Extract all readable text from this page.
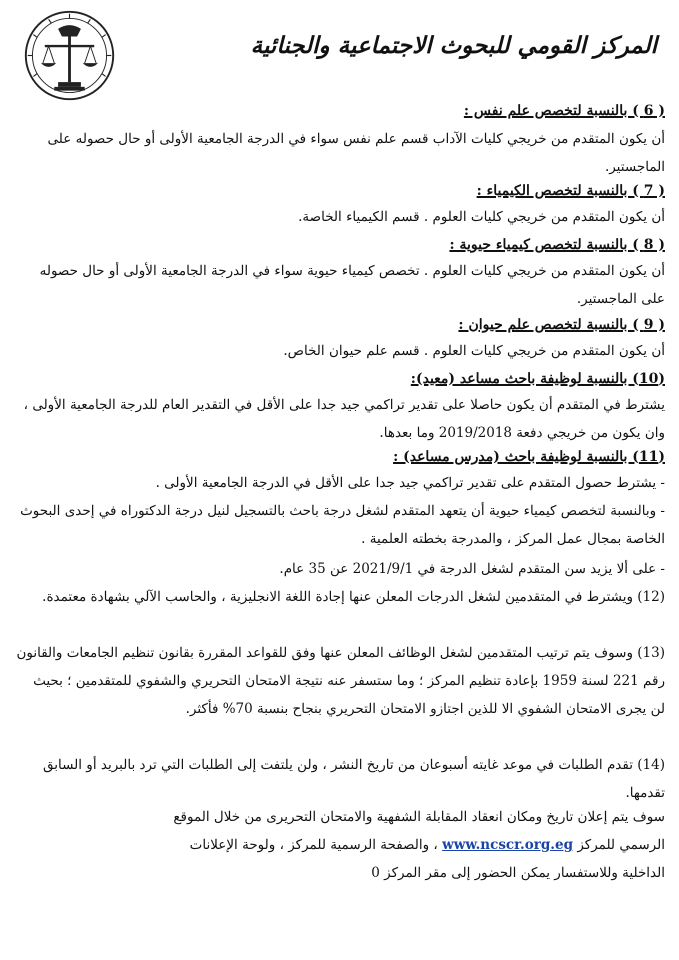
المركز القومي للبحوث الاجتماعية والجنائية
( 6 ) بالنسبة لتخصص علم نفس :
أن يكون المتقدم من خريجي كليات الآداب قسم علم نفس سواء في الدرجة الجامعية الأولى أو حال حصوله على الماجستير.
( 7 ) بالنسبة لتخصص الكيمياء :
أن يكون المتقدم من خريجي كليات العلوم . قسم الكيمياء الخاصة.
( 8 ) بالنسبة لتخصص كيمياء حيوية :
أن يكون المتقدم من خريجي كليات العلوم . تخصص كيمياء حيوية سواء في الدرجة الجامعية الأولى أو حال حصوله على الماجستير.
( 9 ) بالنسبة لتخصص علم حيوان :
أن يكون المتقدم من خريجي كليات العلوم . قسم علم حيوان الخاص.
(10) بالنسبة لوظيفة باحث مساعد (معيد):
يشترط في المتقدم أن يكون حاصلا على تقدير تراكمي جيد جدا على الأقل في التقدير العام للدرجة الجامعية الأولى ، وان يكون من خريجي دفعة 2019/2018 وما بعدها.
(11) بالنسبة لوظيفة باحث (مدرس مساعد) :
- يشترط حصول المتقدم على تقدير تراكمي جيد جدا على الأقل في الدرجة الجامعية الأولى .
- وبالنسبة لتخصص كيمياء حيوية أن يتعهد المتقدم لشغل درجة باحث بالتسجيل لنيل درجة الدكتوراه في إحدى البحوث الخاصة بمجال عمل المركز ، والمدرجة بخطته العلمية .
- على ألا يزيد سن المتقدم لشغل الدرجة في 2021/9/1 عن 35 عام.
(12) ويشترط في المتقدمين لشغل الدرجات المعلن عنها إجادة اللغة الانجليزية ، والحاسب الآلي بشهادة معتمدة.
(13) وسوف يتم ترتيب المتقدمين لشغل الوظائف المعلن عنها وفق للقواعد المقررة بقانون تنظيم الجامعات والقانون رقم 221 لسنة 1959 بإعادة تنظيم المركز ؛ وما ستسفر عنه نتيجة الامتحان التحريري والشفوي للمتقدمين ؛ بحيث لن يجرى الامتحان الشفوي الا للذين اجتازو الامتحان التحريري بنجاح بنسبة 70% فأكثر.
(14) تقدم الطلبات في موعد غايته أسبوعان من تاريخ النشر ، ولن يلتفت إلى الطلبات التي ترد بالبريد أو السابق تقدمها.
سوف يتم إعلان تاريخ ومكان انعقاد المقابلة الشفهية والامتحان التحريرى من خلال الموقع
الرسمي للمركز www.ncscr.org.eg ، والصفحة الرسمية للمركز ، ولوحة الإعلانات
الداخلية وللاستفسار يمكن الحضور إلى مقر المركز 0
